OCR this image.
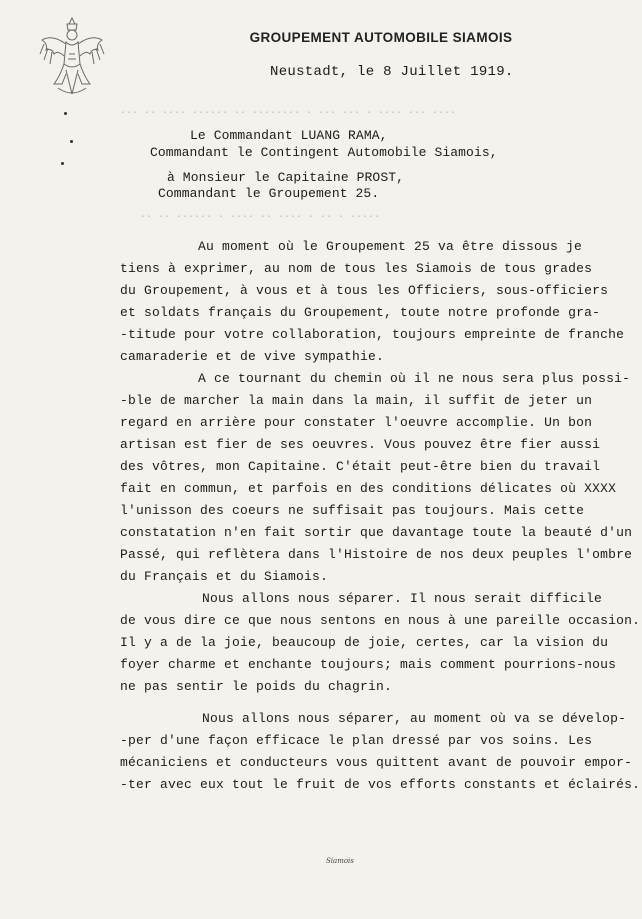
GROUPEMENT AUTOMOBILE SIAMOIS
Neustadt, le 8 Juillet 1919.
··· ·· ···· ······ ·· ········ · ··· ··· · ···· ··· ····
·· ·· ······ · ···· ·· ···· · ·· · ·····
Le Commandant LUANG RAMA,
Commandant le Contingent Automobile Siamois,
à Monsieur le Capitaine PROST,
Commandant le Groupement 25.

Au moment où le Groupement 25 va être dissous je

tiens à exprimer, au nom de tous les Siamois de tous grades

du Groupement, à vous et à tous les Officiers, sous-officiers

et soldats français du Groupement, toute notre profonde gra-

-titude pour votre collaboration, toujours empreinte de franche

camaraderie et de vive sympathie.

A ce tournant du chemin où il ne nous sera plus possi-

-ble de marcher la main dans la main, il suffit de jeter un

regard en arrière pour constater l'oeuvre accomplie. Un bon

artisan est fier de ses oeuvres. Vous pouvez être fier aussi

des vôtres, mon Capitaine. C'était peut-être bien du travail

fait en commun, et parfois en des conditions délicates où XXXX

l'unisson des coeurs ne suffisait pas toujours. Mais cette

constatation n'en fait sortir que davantage toute la beauté d'un

Passé, qui reflètera dans l'Histoire de nos deux peuples l'ombre

du Français et du Siamois.

Nous allons nous séparer. Il nous serait difficile

de vous dire ce que nous sentons en nous à une pareille occasion.

Il y a de la joie, beaucoup de joie, certes, car la vision du

foyer charme et enchante toujours; mais comment pourrions-nous

ne pas sentir le poids du chagrin.

Nous allons nous séparer, au moment où va se dévelop-

-per d'une façon efficace le plan dressé par vos soins. Les

mécaniciens et conducteurs vous quittent avant de pouvoir empor-

-ter avec eux tout le fruit de vos efforts constants et éclairés.

Siamois
